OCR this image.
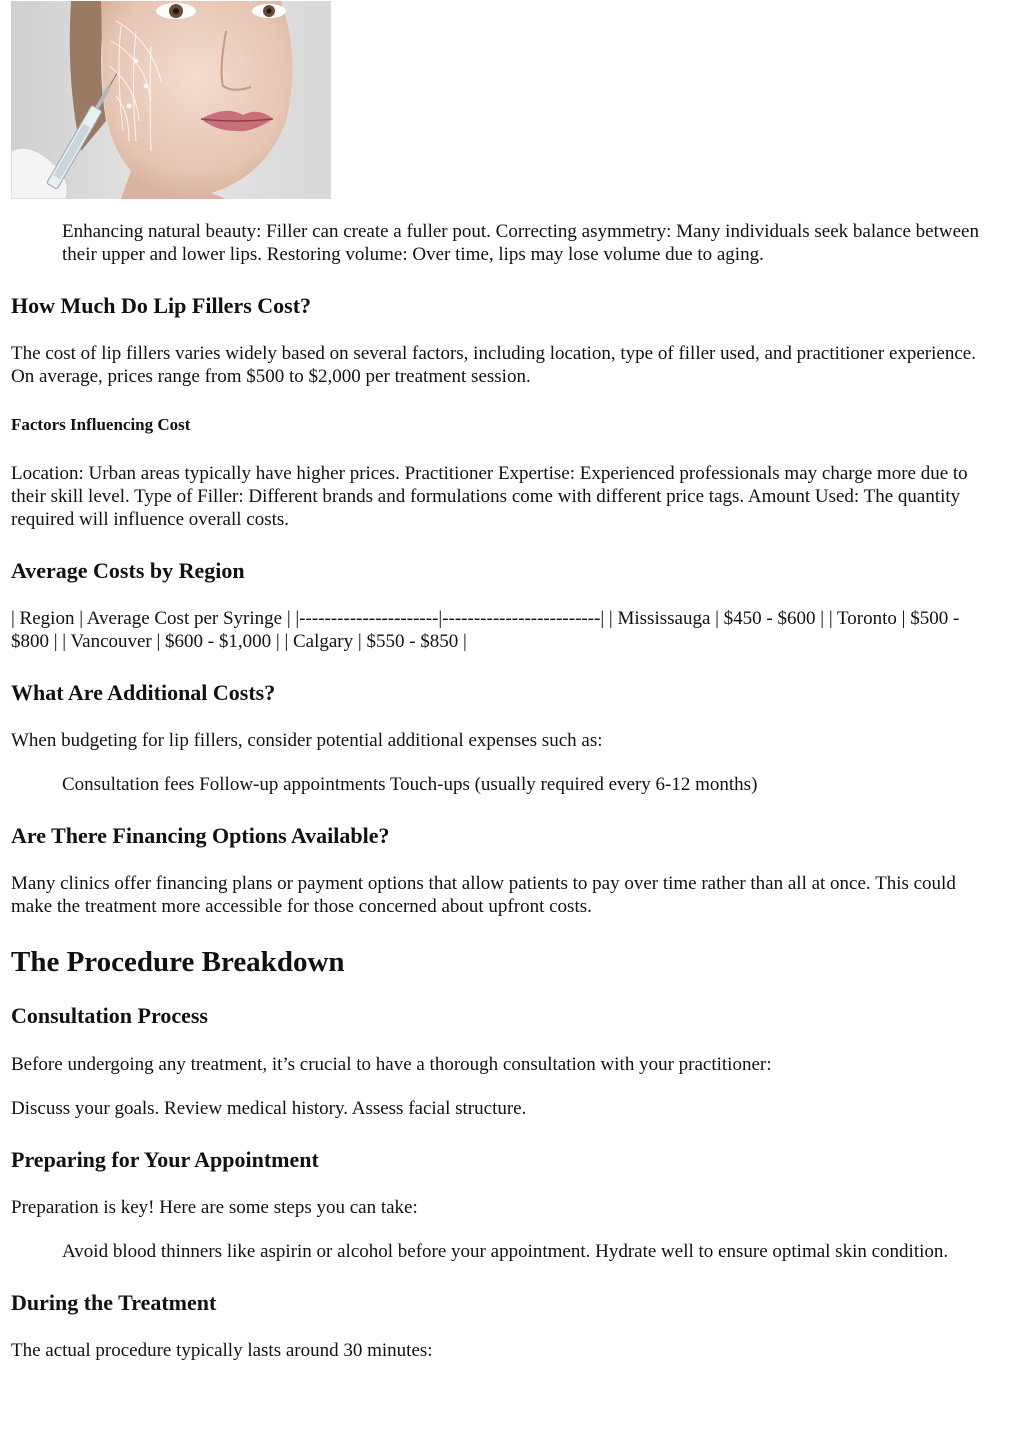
Enhancing natural beauty: Filler can create a fuller pout. Correcting asymmetry: Many individuals seek balance between their upper and lower lips. Restoring volume: Over time, lips may lose volume due to aging.
How Much Do Lip Fillers Cost?

The cost of lip fillers varies widely based on several factors, including location, type of filler used, and practitioner experience. On average, prices range from $500 to $2,000 per treatment session.

Factors Influencing Cost

Location: Urban areas typically have higher prices. Practitioner Expertise: Experienced professionals may charge more due to their skill level. Type of Filler: Different brands and formulations come with different price tags. Amount Used: The quantity required will influence overall costs.

Average Costs by Region

| Region | Average Cost per Syringe | |----------------------|-------------------------| | Mississauga | $450 - $600 | | Toronto | $500 - $800 | | Vancouver | $600 - $1,000 | | Calgary | $550 - $850 |

What Are Additional Costs?

When budgeting for lip fillers, consider potential additional expenses such as:

Consultation fees Follow-up appointments Touch-ups (usually required every 6-12 months)
Are There Financing Options Available?

Many clinics offer financing plans or payment options that allow patients to pay over time rather than all at once. This could make the treatment more accessible for those concerned about upfront costs.

The Procedure Breakdown
Consultation Process

Before undergoing any treatment, it’s crucial to have a thorough consultation with your practitioner:

Discuss your goals. Review medical history. Assess facial structure.

Preparing for Your Appointment

Preparation is key! Here are some steps you can take:

Avoid blood thinners like aspirin or alcohol before your appointment. Hydrate well to ensure optimal skin condition.
During the Treatment

The actual procedure typically lasts around 30 minutes:
